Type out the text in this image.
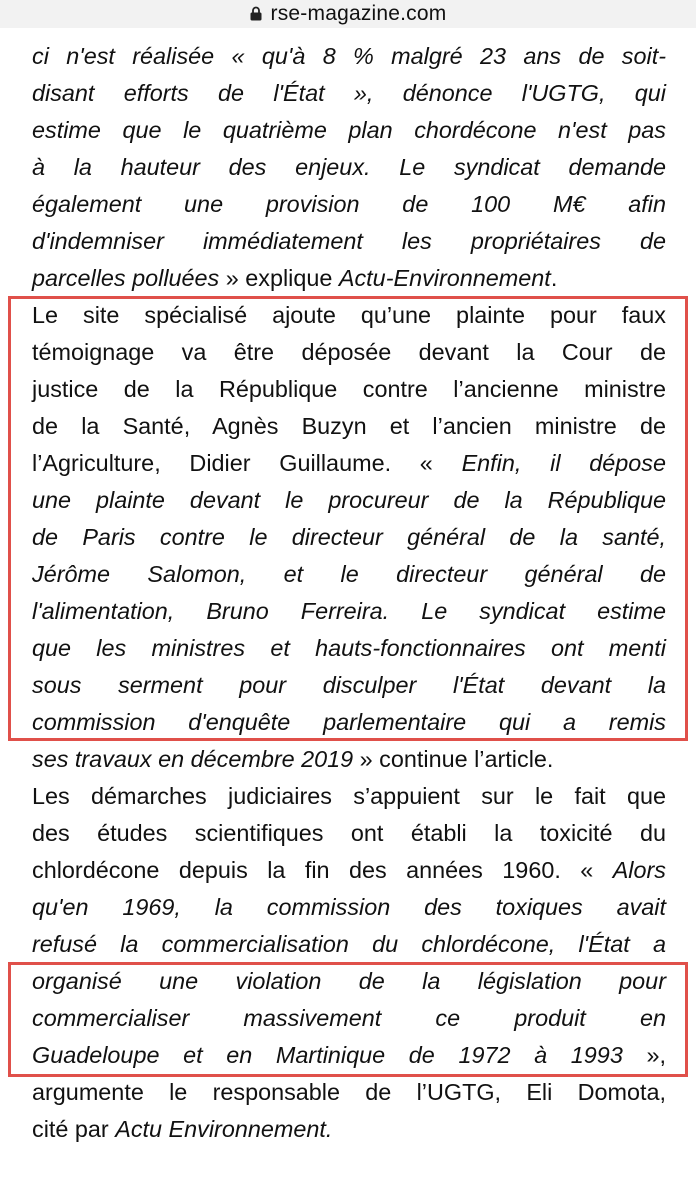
rse-magazine.com
ci n'est réalisée « qu'à 8 % malgré 23 ans de soit-
disant efforts de l'État », dénonce l'UGTG, qui
estime que le quatrième plan chordécone n'est pas
à la hauteur des enjeux. Le syndicat demande
également une provision de 100 M€ afin
d'indemniser immédiatement les propriétaires de
parcelles polluées » explique Actu-Environnement.
Le site spécialisé ajoute qu’une plainte pour faux
témoignage va être déposée devant la Cour de
justice de la République contre l’ancienne ministre
de la Santé, Agnès Buzyn et l’ancien ministre de
l’Agriculture, Didier Guillaume. « Enfin, il dépose
une plainte devant le procureur de la République
de Paris contre le directeur général de la santé,
Jérôme Salomon, et le directeur général de
l'alimentation, Bruno Ferreira. Le syndicat estime
que les ministres et hauts-fonctionnaires ont menti
sous serment pour disculper l'État devant la
commission d'enquête parlementaire qui a remis
ses travaux en décembre 2019 » continue l’article.
Les démarches judiciaires s’appuient sur le fait que
des études scientifiques ont établi la toxicité du
chlordécone depuis la fin des années 1960. « Alors
qu'en 1969, la commission des toxiques avait
refusé la commercialisation du chlordécone, l'État a
organisé une violation de la législation pour
commercialiser massivement ce produit en
Guadeloupe et en Martinique de 1972 à 1993 »,
argumente le responsable de l’UGTG, Eli Domota,
cité par Actu Environnement.
